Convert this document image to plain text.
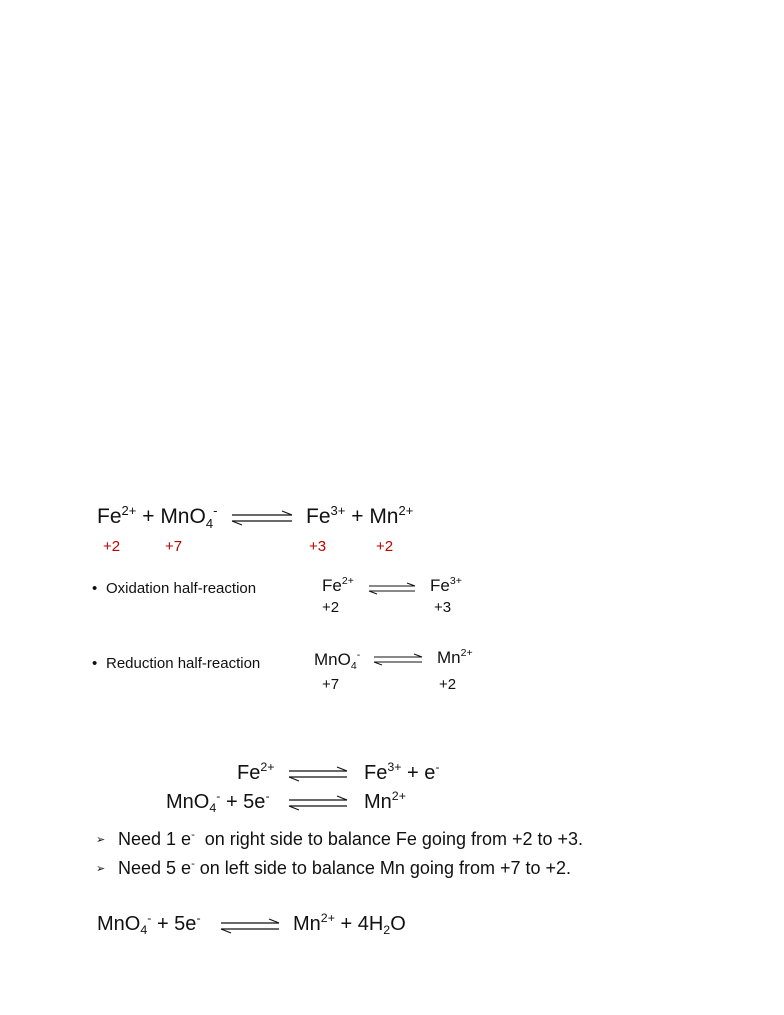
$Fe^{2+} + MnO_4^-$ ⇌ $Fe^{3+} + Mn^{2+}$
+2	+7	+3	+2
• Oxidation half-reaction	$Fe^{2+}$ ⇌ $Fe^{3+}$
+2	+3
• Reduction half-reaction	MnO$_4$- ⇌ $Mn^{2+}$
+7	+2
$Fe^{2+}$ ⇌ $Fe^{3+} + e^-$
MnO$_4$- + 5e- ⇌ $Mn^{2+}$
➢ Need 1 e-  on right side to balance Fe going from +2 to +3.
➢ Need 5 e- on left side to balance Mn going from +7 to +2.
MnO$_4$- + 5e- ⇌ $Mn^{2+} + 4H_2O$
